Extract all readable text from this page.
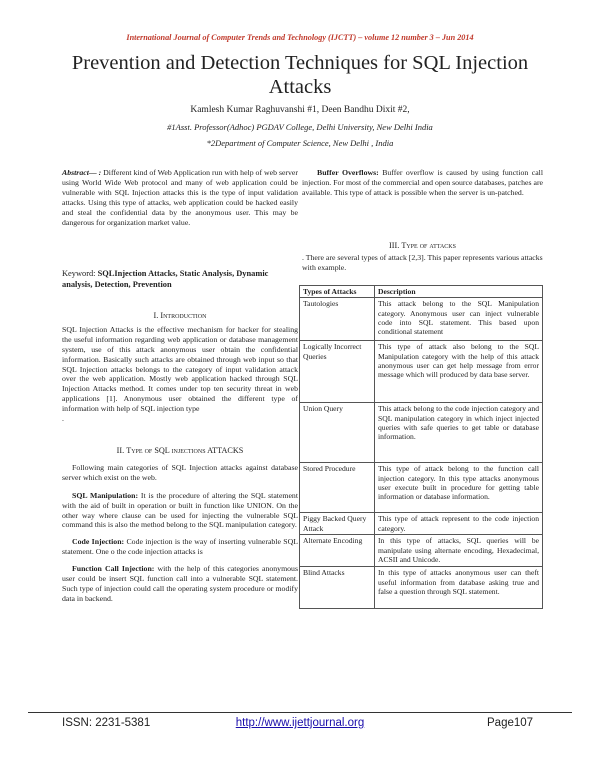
International Journal of Computer Trends and Technology (IJCTT) – volume 12 number 3 – Jun 2014
Prevention and Detection Techniques for SQL Injection Attacks
Kamlesh Kumar Raghuvanshi #1, Deen Bandhu Dixit #2,
#1Asst. Professor(Adhoc) PGDAV College, Delhi University, New Delhi India
*2Department of Computer Science, New Delhi , India

Abstract— : Different kind of Web Application run with help of web server using World Wide Web protocol and many of web application could be vulnerable with SQL Injection attacks this is the type of input validation attacks. Using this type of attacks, web application could be hacked easily and steal the confidential data by the anonymous user. This may be dangerous for organization market value.

Keyword: SQLInjection Attacks, Static Analysis, Dynamic analysis, Detection, Prevention
I. Introduction

SQL Injection Attacks is the effective mechanism for hacker for stealing the useful information regarding web application or database management system, use of this attack anonymous user obtain the confidential information. Basically such attacks are obtained through web input so that SQL Injection attacks belongs to the category of input validation attack over the web application. Mostly web application hacked through SQL Injection Attacks method. It comes under top ten security threat in web applications [1]. Anonymous user obtained the different type of information with help of SQL injection type

.
II. Type of SQL injections ATTACKS

Following main categories of SQL Injection attacks against database server which exist on the web.

SQL Manipulation: It is the procedure of altering the SQL statement with the aid of built in operation or built in function like UNION. On the other way where clause can be used for injecting the vulnerable SQL command this is also the method belong to the SQL manipulation category.

Code Injection: Code injection is the way of inserting vulnerable SQL statement. One o the code injection attacks is

Function Call Injection: with the help of this categories anonymous user could be insert SQL function call into a vulnerable SQL statement. Such type of injection could call the operating system procedure or modify data in backend.

Buffer Overflows: Buffer overflow is caused by using function call injection. For most of the commercial and open source databases, patches are available. This type of attack is possible when the server is un-patched.

III. Type of attacks
. There are several types of attack [2,3]. This paper represents various attacks with example.
Types of Attacks	Description
Tautologies	This attack belong to the SQL Manipulation category. Anonymous user can inject vulnerable code into SQL statement. This based upon conditional statement
Logically Incorrect Queries	This type of attack also belong to the SQL Manipulation category with the help of this attack anonymous user can get help message from error message which will produced by data base server.
Union Query	This attack belong to the code injection category and SQL manipulation category in which inject injected queries with safe queries to get table or database information.
Stored Procedure	This type of attack belong to the function call injection category. In this type attacks anonymous user execute built in procedure for getting table information or database information.
Piggy Backed Query Attack	This type of attack represent to the code injection category.
Alternate Encoding	In this type of attacks, SQL queries will be manipulate using alternate encoding, Hexadecimal, ACSII and Unicode.
Blind Attacks	In this type of attacks anonymous user can theft useful information from database asking true and false a question through SQL statement.
ISSN: 2231-5381	http://www.ijettjournal.org	Page107
